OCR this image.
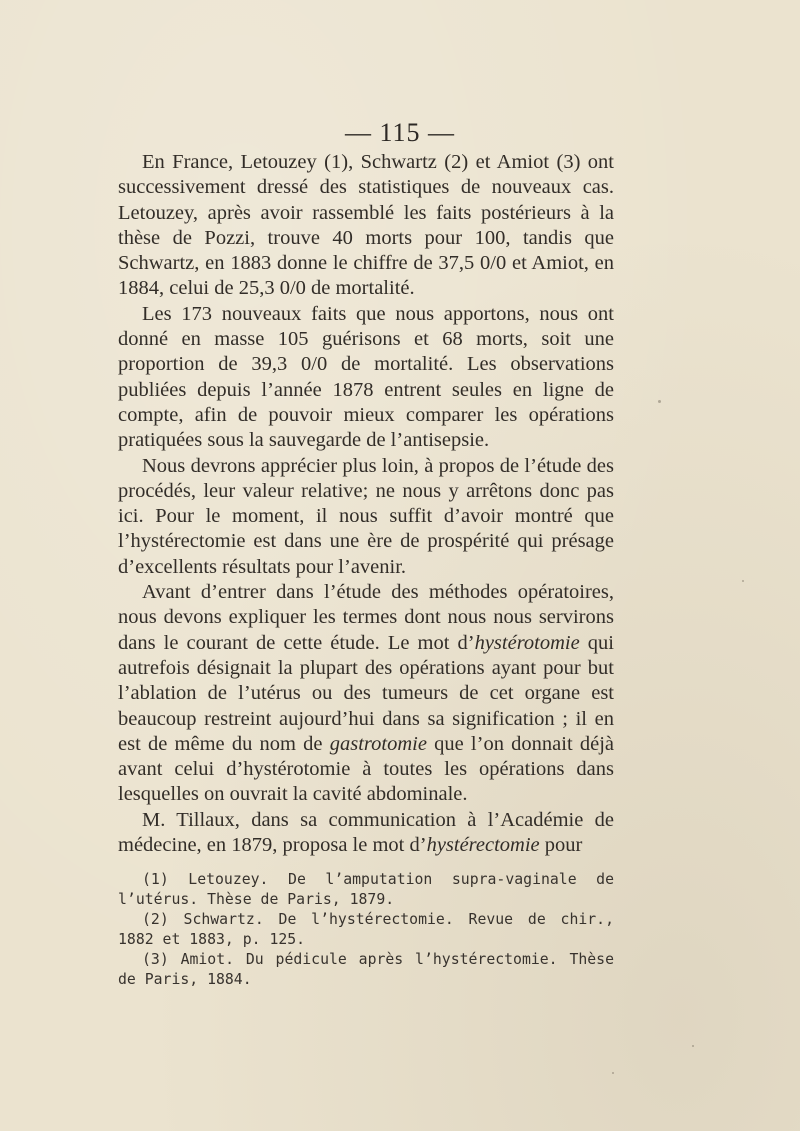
— 115 —

En France, Letouzey (1), Schwartz (2) et Amiot (3) ont successivement dressé des statistiques de nouveaux cas. Letouzey, après avoir rassemblé les faits postérieurs à la thèse de Pozzi, trouve 40 morts pour 100, tandis que Schwartz, en 1883 donne le chiffre de 37,5 0/0 et Amiot, en 1884, celui de 25,3 0/0 de mortalité.

Les 173 nouveaux faits que nous apportons, nous ont donné en masse 105 guérisons et 68 morts, soit une proportion de 39,3 0/0 de mortalité. Les observations publiées depuis l’année 1878 entrent seules en ligne de compte, afin de pouvoir mieux comparer les opérations pratiquées sous la sauvegarde de l’antisepsie.

Nous devrons apprécier plus loin, à propos de l’étude des procédés, leur valeur relative; ne nous y arrêtons donc pas ici. Pour le moment, il nous suffit d’avoir montré que l’hystérectomie est dans une ère de prospérité qui présage d’excellents résultats pour l’avenir.

Avant d’entrer dans l’étude des méthodes opératoires, nous devons expliquer les termes dont nous nous servirons dans le courant de cette étude. Le mot d’hystérotomie qui autrefois désignait la plupart des opérations ayant pour but l’ablation de l’utérus ou des tumeurs de cet organe est beaucoup restreint aujourd’hui dans sa signification ; il en est de même du nom de gastrotomie que l’on donnait déjà avant celui d’hystérotomie à toutes les opérations dans lesquelles on ouvrait la cavité abdominale.

M. Tillaux, dans sa communication à l’Académie de médecine, en 1879, proposa le mot d’hystérectomie pour

(1) Letouzey. De l’amputation supra-vaginale de l’utérus. Thèse de Paris, 1879.

(2) Schwartz. De l’hystérectomie. Revue de chir., 1882 et 1883, p. 125.

(3) Amiot. Du pédicule après l’hystérectomie. Thèse de Paris, 1884.
